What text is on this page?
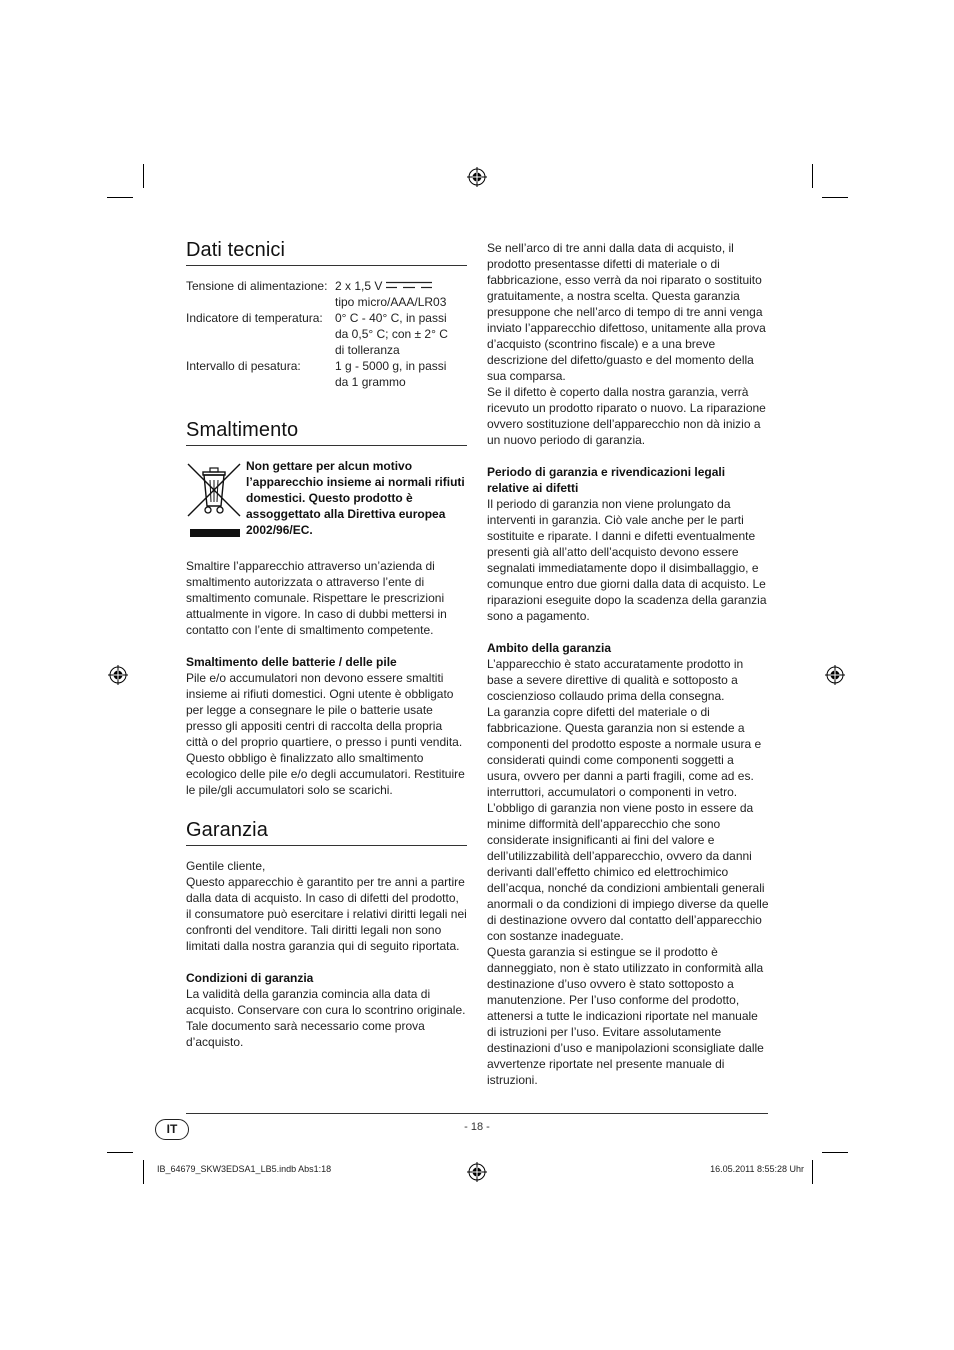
Dati tecnici
Tensione di alimentazione:	2 x 1,5 V
tipo micro/AAA/LR03
Indicatore di temperatura:	0° C - 40° C, in passi
da 0,5° C; con ± 2° C
di tolleranza
Intervallo di pesatura:	1 g - 5000 g, in passi
da 1 grammo
Smaltimento

Non gettare per alcun motivo l’apparecchio insieme ai normali rifiuti domestici. Questo prodotto è assoggettato alla Direttiva europea 2002/96/EC.

Smaltire l’apparecchio attraverso un’azienda di smaltimento autorizzata o attraverso l’ente di smaltimento comunale. Rispettare le prescrizioni attualmente in vigore. In caso di dubbi mettersi in contatto con l’ente di smaltimento competente.

Smaltimento delle batterie / delle pile

Pile e/o accumulatori non devono essere smaltiti insieme ai rifiuti domestici. Ogni utente è obbligato per legge a consegnare le pile o batterie usate presso gli appositi centri di raccolta della propria città o del proprio quartiere, o presso i punti vendita. Questo obbligo è finalizzato allo smaltimento ecologico delle pile e/o degli accumulatori. Restituire le pile/gli accumulatori solo se scarichi.

Garanzia

Gentile cliente,

Questo apparecchio è garantito per tre anni a partire dalla data di acquisto. In caso di difetti del prodotto, il consumatore può esercitare i relativi diritti legali nei confronti del venditore. Tali diritti legali non sono limitati dalla nostra garanzia qui di seguito riportata.

Condizioni di garanzia

La validità della garanzia comincia alla data di acquisto. Conservare con cura lo scontrino originale. Tale documento sarà necessario come prova d’acquisto.

Se nell’arco di tre anni dalla data di acquisto, il prodotto presentasse difetti di materiale o di fabbricazione, esso verrà da noi riparato o sostituito gratuitamente, a nostra scelta. Questa garanzia presuppone che nell’arco di tempo di tre anni venga inviato l’apparecchio difettoso, unitamente alla prova d’acquisto (scontrino fiscale) e a una breve descrizione del difetto/guasto e del momento della sua comparsa.

Se il difetto è coperto dalla nostra garanzia, verrà ricevuto un prodotto riparato o nuovo. La riparazione ovvero sostituzione dell’apparecchio non dà inizio a un nuovo periodo di garanzia.

Periodo di garanzia e rivendicazioni legali relative ai difetti

Il periodo di garanzia non viene prolungato da interventi in garanzia. Ciò vale anche per le parti sostituite e riparate. I danni e difetti eventualmente presenti già all’atto dell’acquisto devono essere segnalati immediatamente dopo il disimballaggio, e comunque entro due giorni dalla data di acquisto. Le riparazioni eseguite dopo la scadenza della garanzia sono a pagamento.

Ambito della garanzia

L’apparecchio è stato accuratamente prodotto in base a severe direttive di qualità e sottoposto a coscienzioso collaudo prima della consegna.

La garanzia copre difetti del materiale o di fabbricazione. Questa garanzia non si estende a componenti del prodotto esposte a normale usura e considerati quindi come componenti soggetti a usura, ovvero per danni a parti fragili, come ad es. interruttori, accumulatori o componenti in vetro.

L’obbligo di garanzia non viene posto in essere da minime difformità dell’apparecchio che sono considerate insignificanti ai fini del valore e dell’utilizzabilità dell’apparecchio, ovvero da danni derivanti dall’effetto chimico ed elettrochimico dell’acqua, nonché da condizioni ambientali generali anormali o da condizioni di impiego diverse da quelle di destinazione ovvero dal contatto dell’apparecchio con sostanze inadeguate.

Questa garanzia si estingue se il prodotto è danneggiato, non è stato utilizzato in conformità alla destinazione d’uso ovvero è stato sottoposto a manutenzione. Per l’uso conforme del prodotto, attenersi a tutte le indicazioni riportate nel manuale di istruzioni per l’uso. Evitare assolutamente destinazioni d’uso e manipolazioni sconsigliate dalle avvertenze riportate nel presente manuale di istruzioni.

IT	- 18 -
IB_64679_SKW3EDSA1_LB5.indb Abs1:18	16.05.2011 8:55:28 Uhr
